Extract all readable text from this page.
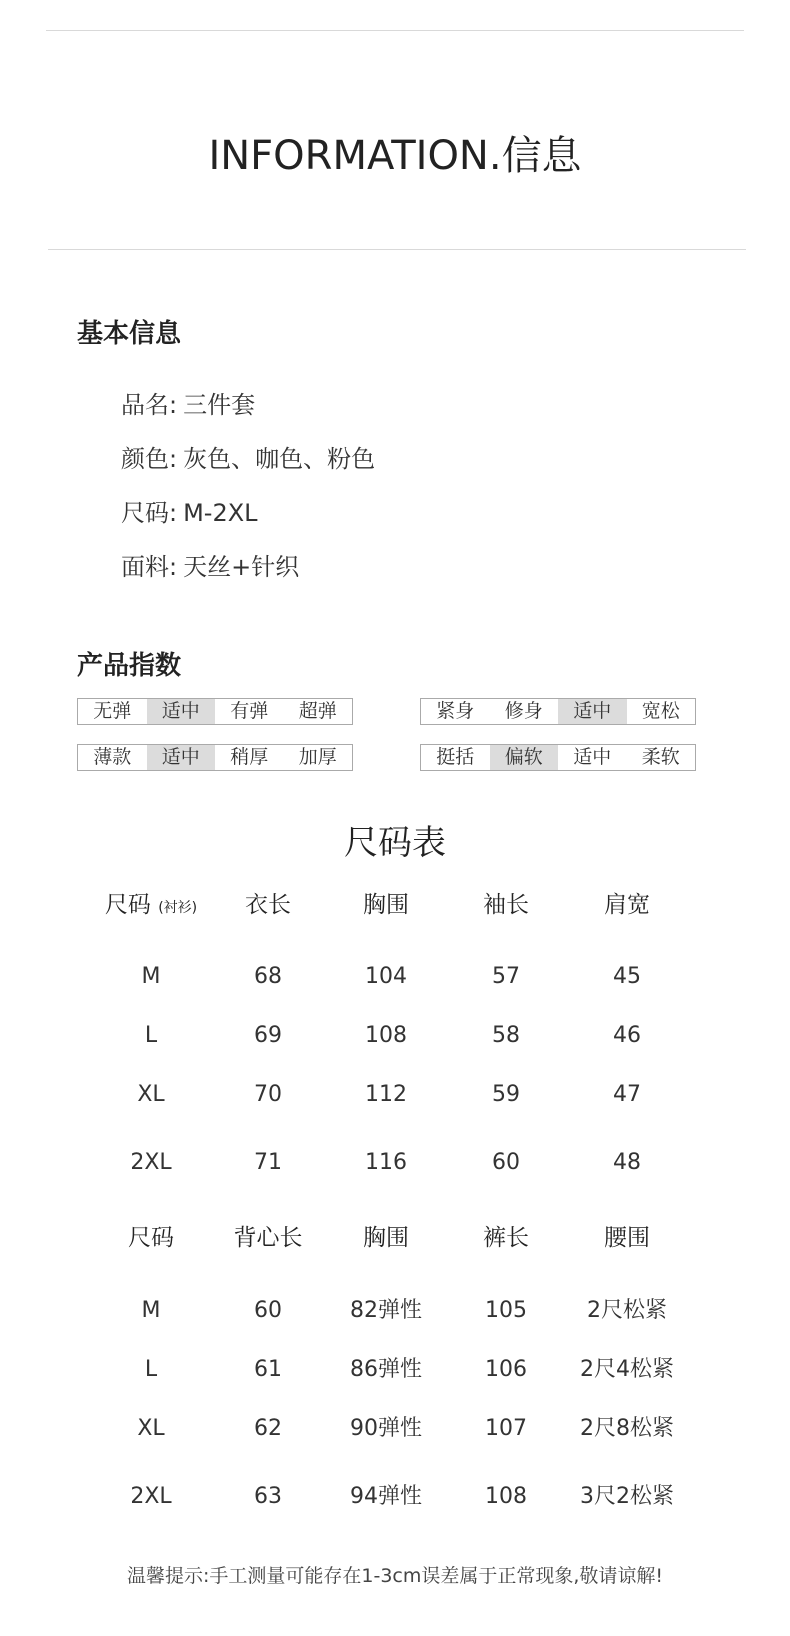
INFORMATION.信息
基本信息
品名: 三件套
颜色: 灰色、咖色、粉色
尺码: M-2XL
面料: 天丝+针织
产品指数
无弹	适中	有弹	超弹	紧身	修身	适中	宽松
薄款	适中	稍厚	加厚	挺括	偏软	适中	柔软
尺码表
尺码 (衬衫) 衣长	胸围	袖长	肩宽
M	68	104	57	45
L	69	108	58	46
XL	70	112	59	47
2XL	71	116	60	48
尺码	背心长	胸围	裤长	腰围
M	60	82弹性	105	2尺松紧
L	61	86弹性	106 2尺4松紧
XL	62	90弹性	107 2尺8松紧
2XL	63	94弹性	108 3尺2松紧
温馨提示:手工测量可能存在1-3cm误差属于正常现象,敬请谅解!
